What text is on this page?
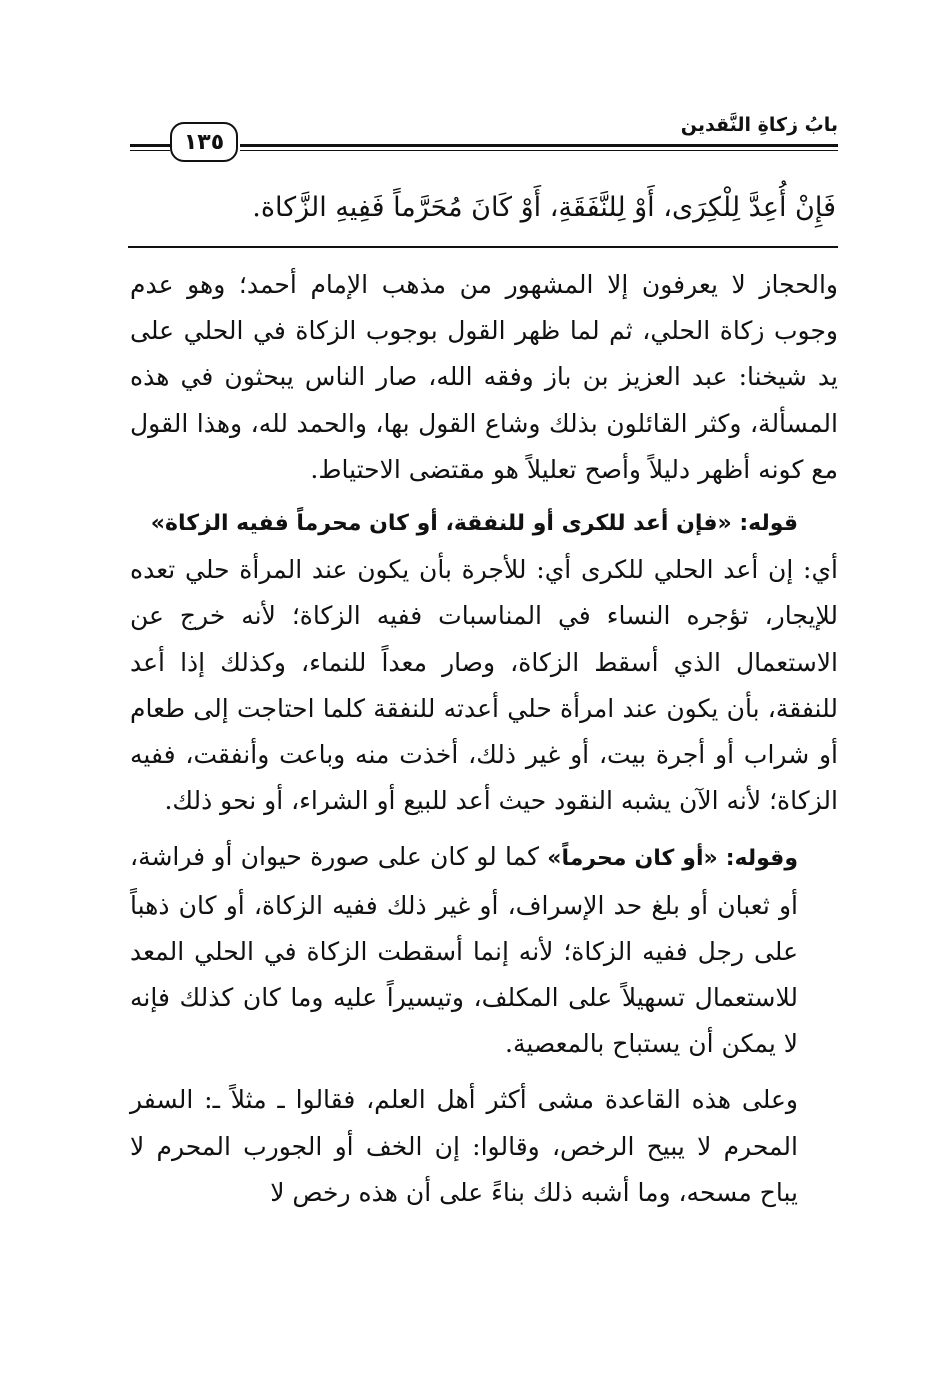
١٣٥
بابُ زكاةِ النَّقدين
فَإِنْ أُعِدَّ لِلْكِرَى، أَوْ لِلنَّفَقَةِ، أَوْ كَانَ مُحَرَّماً فَفِيهِ الزَّكاة.

والحجاز لا يعرفون إلا المشهور من مذهب الإمام أحمد؛ وهو عدم وجوب زكاة الحلي، ثم لما ظهر القول بوجوب الزكاة في الحلي على يد شيخنا: عبد العزيز بن باز وفقه الله، صار الناس يبحثون في هذه المسألة، وكثر القائلون بذلك وشاع القول بها، والحمد لله، وهذا القول مع كونه أظهر دليلاً وأصح تعليلاً هو مقتضى الاحتياط.

قوله: «فإن أعد للكرى أو للنفقة، أو كان محرماً ففيه الزكاة»

أي: إن أعد الحلي للكرى أي: للأجرة بأن يكون عند المرأة حلي تعده للإيجار، تؤجره النساء في المناسبات ففيه الزكاة؛ لأنه خرج عن الاستعمال الذي أسقط الزكاة، وصار معداً للنماء، وكذلك إذا أعد للنفقة، بأن يكون عند امرأة حلي أعدته للنفقة كلما احتاجت إلى طعام أو شراب أو أجرة بيت، أو غير ذلك، أخذت منه وباعت وأنفقت، ففيه الزكاة؛ لأنه الآن يشبه النقود حيث أعد للبيع أو الشراء، أو نحو ذلك.

وقوله: «أو كان محرماً» كما لو كان على صورة حيوان أو فراشة، أو ثعبان أو بلغ حد الإسراف، أو غير ذلك ففيه الزكاة، أو كان ذهباً على رجل ففيه الزكاة؛ لأنه إنما أسقطت الزكاة في الحلي المعد للاستعمال تسهيلاً على المكلف، وتيسيراً عليه وما كان كذلك فإنه لا يمكن أن يستباح بالمعصية.

وعلى هذه القاعدة مشى أكثر أهل العلم، فقالوا ـ مثلاً ـ: السفر المحرم لا يبيح الرخص، وقالوا: إن الخف أو الجورب المحرم لا يباح مسحه، وما أشبه ذلك بناءً على أن هذه رخص لا
